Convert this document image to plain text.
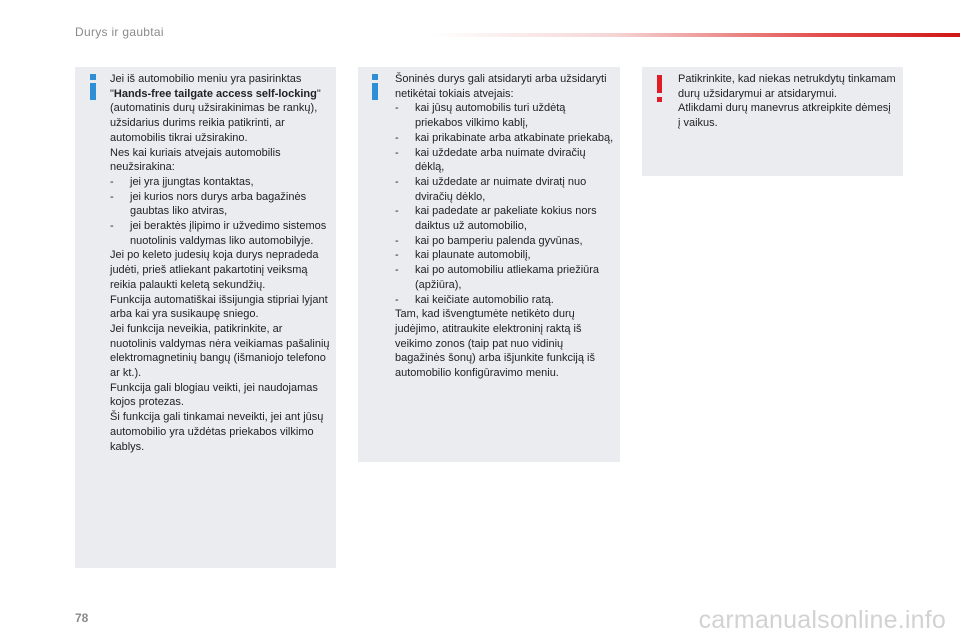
Durys ir gaubtai

Jei iš automobilio meniu yra pasirinktas "Hands-free tailgate access self-locking" (automatinis durų užsirakinimas be rankų), užsidarius durims reikia patikrinti, ar automobilis tikrai užsirakino.

Nes kai kuriais atvejais automobilis neužsirakina:

- jei yra įjungtas kontaktas,
- jei kurios nors durys arba bagažinės gaubtas liko atviras,
- jei beraktės įlipimo ir užvedimo sistemos nuotolinis valdymas liko automobilyje.

Jei po keleto judesių koja durys nepradeda judėti, prieš atliekant pakartotinį veiksmą reikia palaukti keletą sekundžių.

Funkcija automatiškai išsijungia stipriai lyjant arba kai yra susikaupę sniego.

Jei funkcija neveikia, patikrinkite, ar nuotolinis valdymas nėra veikiamas pašalinių elektromagnetinių bangų (išmaniojo telefono ar kt.).

Funkcija gali blogiau veikti, jei naudojamas kojos protezas.

Ši funkcija gali tinkamai neveikti, jei ant jūsų automobilio yra uždėtas priekabos vilkimo kablys.

Šoninės durys gali atsidaryti arba užsidaryti netikėtai tokiais atvejais:

- kai jūsų automobilis turi uždėtą priekabos vilkimo kablį,
- kai prikabinate arba atkabinate priekabą,
- kai uždedate arba nuimate dviračių dėklą,
- kai uždedate ar nuimate dviratį nuo dviračių dėklo,
- kai padedate ar pakeliate kokius nors daiktus už automobilio,
- kai po bamperiu palenda gyvūnas,
- kai plaunate automobilį,
- kai po automobiliu atliekama priežiūra (apžiūra),
- kai keičiate automobilio ratą.

Tam, kad išvengtumėte netikėto durų judėjimo, atitraukite elektroninį raktą iš veikimo zonos (taip pat nuo vidinių bagažinės šonų) arba išjunkite funkciją iš automobilio konfigūravimo meniu.

Patikrinkite, kad niekas netrukdytų tinkamam durų užsidarymui ar atsidarymui.

Atlikdami durų manevrus atkreipkite dėmesį į vaikus.

78	carmanualsonline.info
